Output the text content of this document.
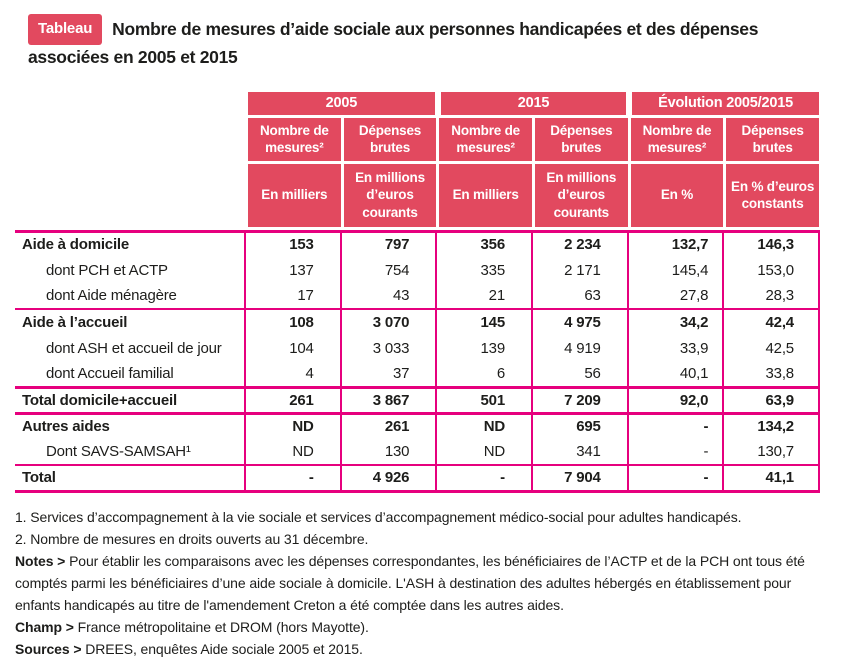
Tableau Nombre de mesures d’aide sociale aux personnes handicapées et des dépenses
associées en 2005 et 2015
	2005		2015		Évolution 2005/2015	
	Nombre de mesures²	Dépenses brutes	Nombre de mesures²	Dépenses brutes	Nombre de mesures²	Dépenses brutes
	En milliers	En millions d’euros courants	En milliers	En millions d’euros courants	En %	En % d’euros constants
Aide à domicile	153	797	356	2 234	132,7	146,3
dont PCH et ACTP	137	754	335	2 171	145,4	153,0
dont Aide ménagère	17	43	21	63	27,8	28,3
Aide à l’accueil	108	3 070	145	4 975	34,2	42,4
dont ASH et accueil de jour	104	3 033	139	4 919	33,9	42,5
dont Accueil familial	4	37	6	56	40,1	33,8
Total domicile+accueil	261	3 867	501	7 209	92,0	63,9
Autres aides	ND	261	ND	695	-	134,2
Dont SAVS-SAMSAH¹	ND	130	ND	341	-	130,7
Total	-	4 926	-	7 904	-	41,1

1. Services d’accompagnement à la vie sociale et services d’accompagnement médico-social pour adultes handicapés.

2. Nombre de mesures en droits ouverts au 31 décembre.

Notes > Pour établir les comparaisons avec les dépenses correspondantes, les bénéficiaires de l’ACTP et de la PCH ont tous été comptés parmi les bénéficiaires d’une aide sociale à domicile. L'ASH à destination des adultes hébergés en établissement pour enfants handicapés au titre de l'amendement Creton a été comptée dans les autres aides.

Champ > France métropolitaine et DROM (hors Mayotte).

Sources > DREES, enquêtes Aide sociale 2005 et 2015.
